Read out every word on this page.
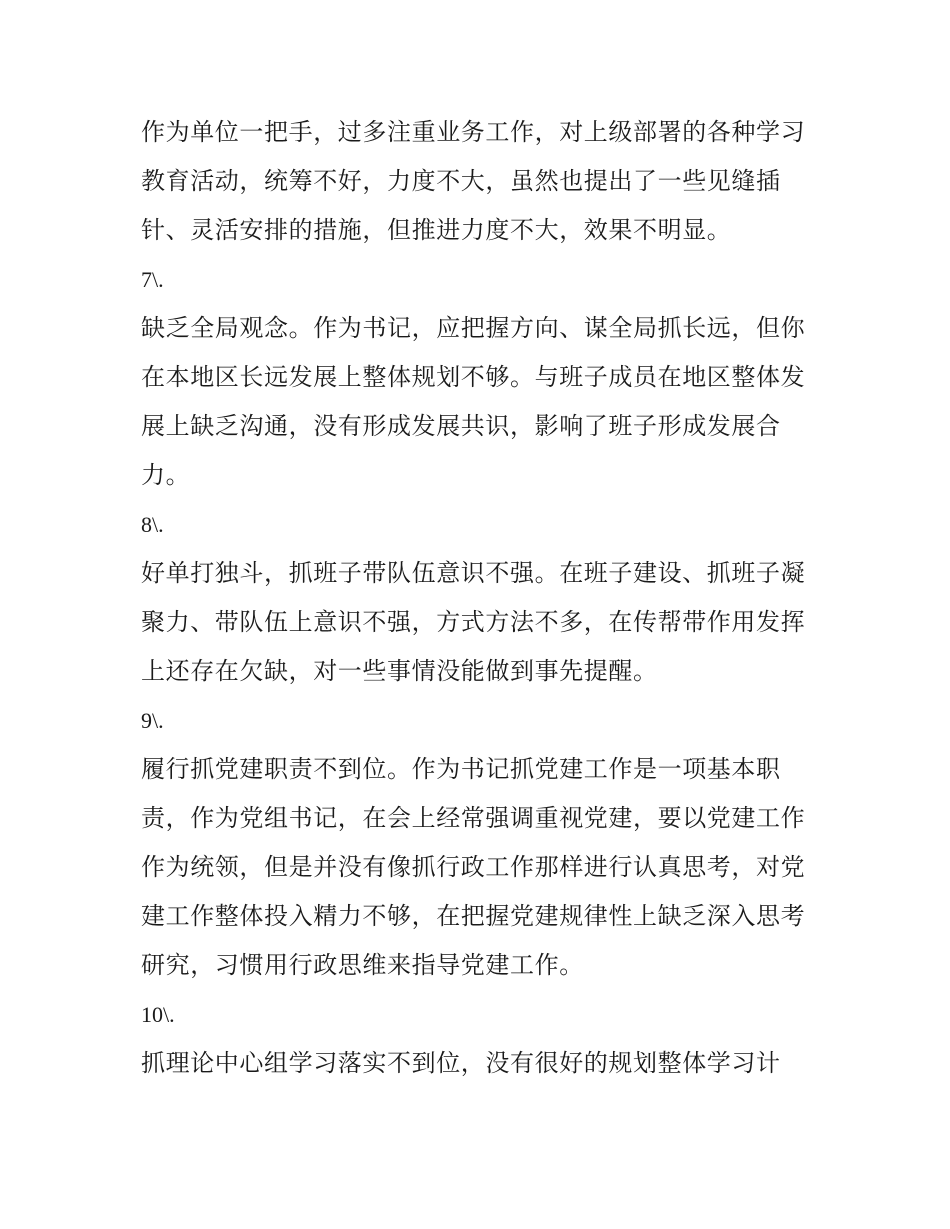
作为单位一把手，过多注重业务工作，对上级部署的各种学习教育活动，统筹不好，力度不大，虽然也提出了一些见缝插针、灵活安排的措施，但推进力度不大，效果不明显。

7\.

缺乏全局观念。作为书记，应把握方向、谋全局抓长远，但你在本地区长远发展上整体规划不够。与班子成员在地区整体发展上缺乏沟通，没有形成发展共识，影响了班子形成发展合力。

8\.

好单打独斗，抓班子带队伍意识不强。在班子建设、抓班子凝聚力、带队伍上意识不强，方式方法不多，在传帮带作用发挥上还存在欠缺，对一些事情没能做到事先提醒。

9\.

履行抓党建职责不到位。作为书记抓党建工作是一项基本职责，作为党组书记，在会上经常强调重视党建，要以党建工作作为统领，但是并没有像抓行政工作那样进行认真思考，对党建工作整体投入精力不够，在把握党建规律性上缺乏深入思考研究，习惯用行政思维来指导党建工作。

10\.

抓理论中心组学习落实不到位，没有很好的规划整体学习计
